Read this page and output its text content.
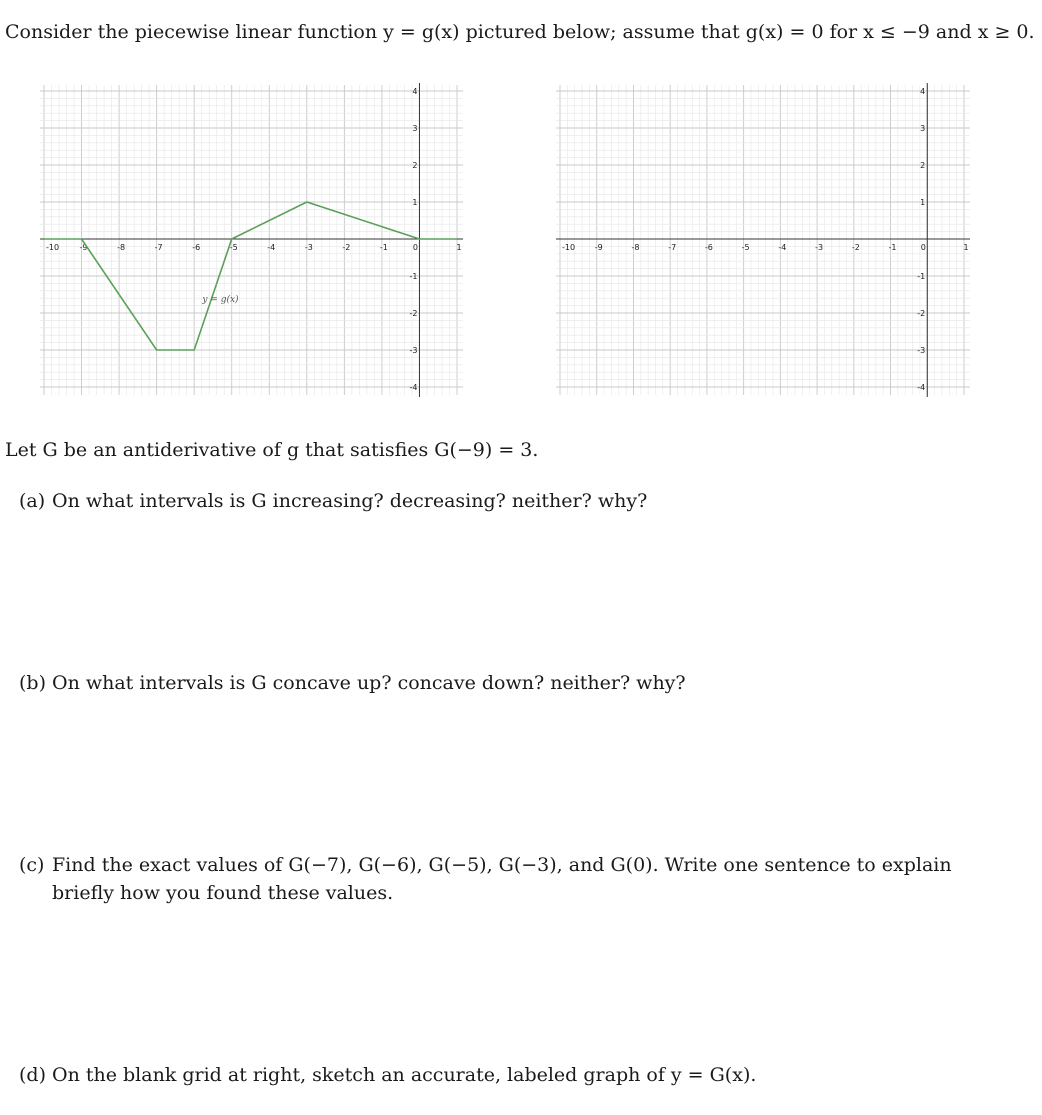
Consider the piecewise linear function y = g(x) pictured below; assume that g(x) = 0 for x ≤ −9 and x ≥ 0.
-10	-9	-8	-7	-6	-5	-4	-3	-2	-1	0	1
4
3
2
1
-1
-2
-3
-4
y = g(x)
-10 -9	-8	-7	-6	-5	-4	-3	-2	-1	0	1
4
3
2
1
-1
-2
-3
-4
Let G be an antiderivative of g that satisfies G(−9) = 3.
(a) On what intervals is G increasing? decreasing? neither? why?
(b) On what intervals is G concave up? concave down? neither? why?
(c) Find the exact values of G(−7), G(−6), G(−5), G(−3), and G(0). Write one sentence to explain briefly how you found these values.
(d) On the blank grid at right, sketch an accurate, labeled graph of y = G(x).
